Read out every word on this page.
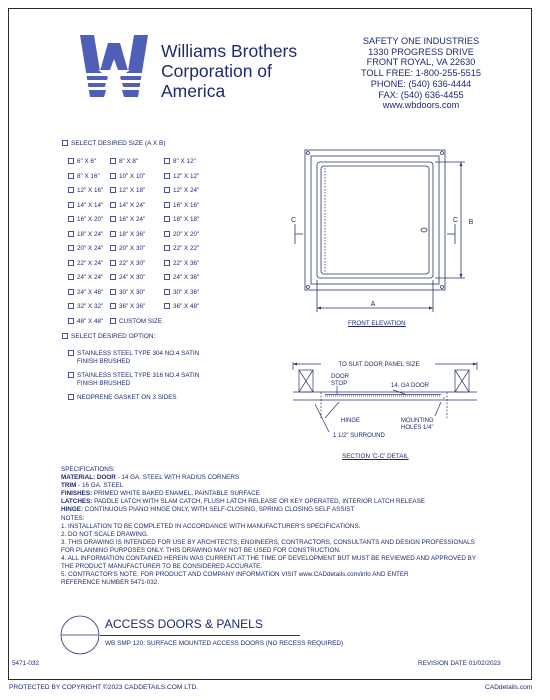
Williams Brothers
Corporation of
America
SAFETY ONE INDUSTRIES
1330 PROGRESS DRIVE
FRONT ROYAL, VA 22630
TOLL FREE: 1-800-255-5515
PHONE: (540) 636-4444
FAX: (540) 636-4455
www.wbdoors.com
SELECT DESIRED SIZE (A X B)
6" X 6"	8" X 8"	8" X 12"
8" X 16"	10" X 10"	12" X 12"
12" X 16"	12" X 18"	12" X 24"
14" X 14"	14" X 24"	16" X 16"
16" X 20"	16" X 24"	18" X 18"
18" X 24"	18" X 36"	20" X 20"
20" X 24"	20" X 30"	22" X 22"
22" X 24"	22" X 30"	22" X 36"
24" X 24"	24" X 30"	24" X 36"
24" X 48"	30" X 30"	30" X 36"
32" X 32"	36" X 36"	36" X 48"
48" X 48"	CUSTOM SIZE
SELECT DESIRED OPTION:
STAINLESS STEEL TYPE 304 NO.4 SATIN
FINISH BRUSHED
STAINLESS STEEL TYPE 316 NO.4 SATIN
FINISH BRUSHED
NEOPRENE GASKET ON 3 SIDES
A
B
C	C
FRONT ELEVATION
TO SUIT DOOR PANEL SIZE
DOOR
STOP	14. GA DOOR
HINGE
1 1/2" SURROUND
MOUNTING
HOLES 1/4"
SECTION 'C-C' DETAIL
SPECIFICATIONS:
MATERIAL: DOOR - 14 GA. STEEL WITH RADIUS CORNERS
TRIM - 16 GA. STEEL
FINISHES: PRIMED WHITE BAKED ENAMEL, PAINTABLE SURFACE
LATCHES: PADDLE LATCH WITH SLAM CATCH, FLUSH LATCH RELEASE OR KEY OPERATED, INTERIOR LATCH RELEASE
HINGE: CONTINUOUS PIANO HINGE ONLY, WITH SELF-CLOSING, SPRING CLOSING SELF ASSIST
NOTES:
1. INSTALLATION TO BE COMPLETED IN ACCORDANCE WITH MANUFACTURER'S SPECIFICATIONS.
2. DO NOT SCALE DRAWING.
3. THIS DRAWING IS INTENDED FOR USE BY ARCHITECTS, ENGINEERS, CONTRACTORS, CONSULTANTS AND DESIGN PROFESSIONALS
FOR PLANNING PURPOSES ONLY. THIS DRAWING MAY NOT BE USED FOR CONSTRUCTION.
4. ALL INFORMATION CONTAINED HEREIN WAS CURRENT AT THE TIME OF DEVELOPMENT BUT MUST BE REVIEWED AND APPROVED BY
THE PRODUCT MANUFACTURER TO BE CONSIDERED ACCURATE.
5. CONTRACTOR'S NOTE: FOR PRODUCT AND COMPANY INFORMATION VISIT www.CADdetails.com/info AND ENTER
REFERENCE NUMBER 5471-032.
ACCESS DOORS & PANELS
WB SMP 120: SURFACE MOUNTED ACCESS DOORS (NO RECESS REQUIRED)
5471-032	REVISION DATE 01/02/2023
PROTECTED BY COPYRIGHT ©2023 CADDETAILS.COM LTD.	CADdetails.com
